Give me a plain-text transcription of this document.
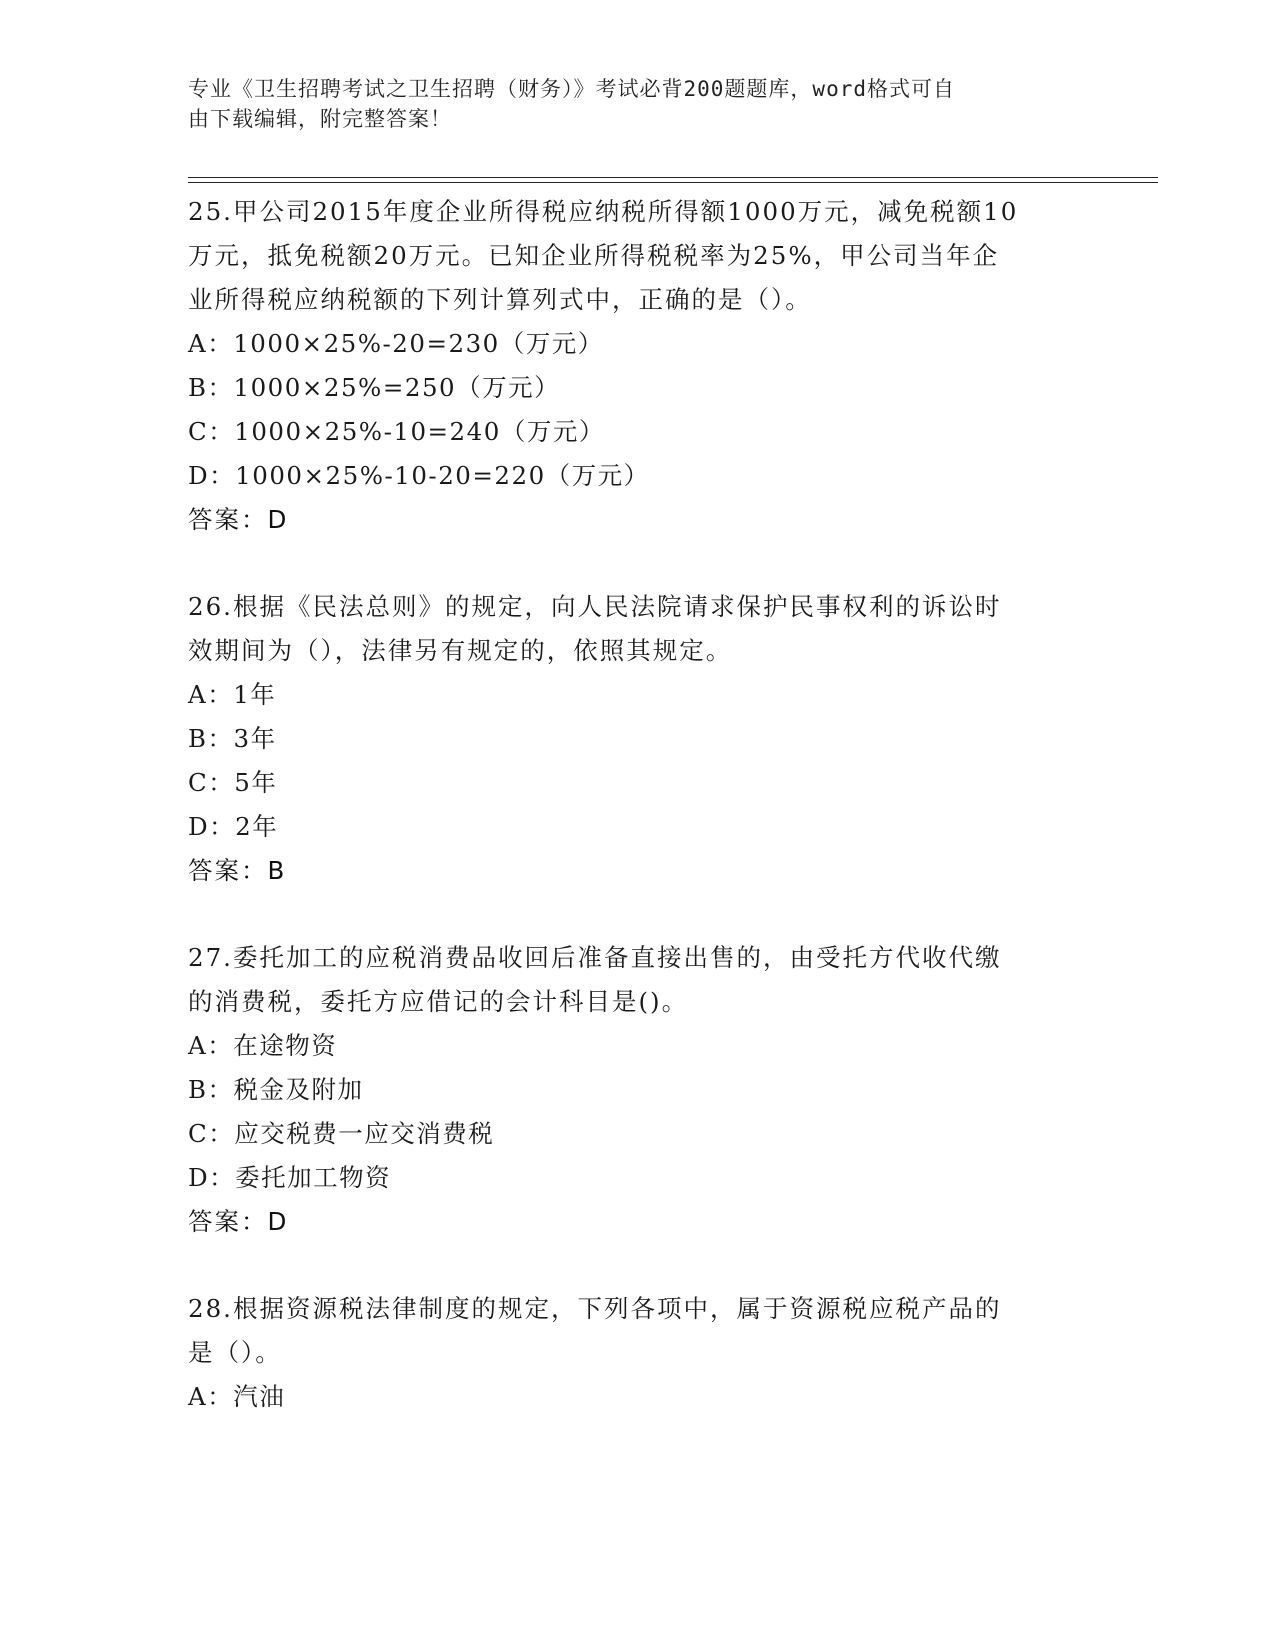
专业《卫生招聘考试之卫生招聘（财务）》考试必背200题题库，word格式可自
由下载编辑，附完整答案！
25.甲公司2015年度企业所得税应纳税所得额1000万元，减免税额10
万元，抵免税额20万元。已知企业所得税税率为25%，甲公司当年企
业所得税应纳税额的下列计算列式中，正确的是（）。
A：1000×25%-20=230（万元）
B：1000×25%=250（万元）
C：1000×25%-10=240（万元）
D：1000×25%-10-20=220（万元）
答案：D
26.根据《民法总则》的规定，向人民法院请求保护民事权利的诉讼时
效期间为（），法律另有规定的，依照其规定。
A：1年
B：3年
C：5年
D：2年
答案：B
27.委托加工的应税消费品收回后准备直接出售的，由受托方代收代缴
的消费税，委托方应借记的会计科目是()。
A：在途物资
B：税金及附加
C：应交税费一应交消费税
D：委托加工物资
答案：D
28.根据资源税法律制度的规定，下列各项中，属于资源税应税产品的
是（）。
A：汽油
